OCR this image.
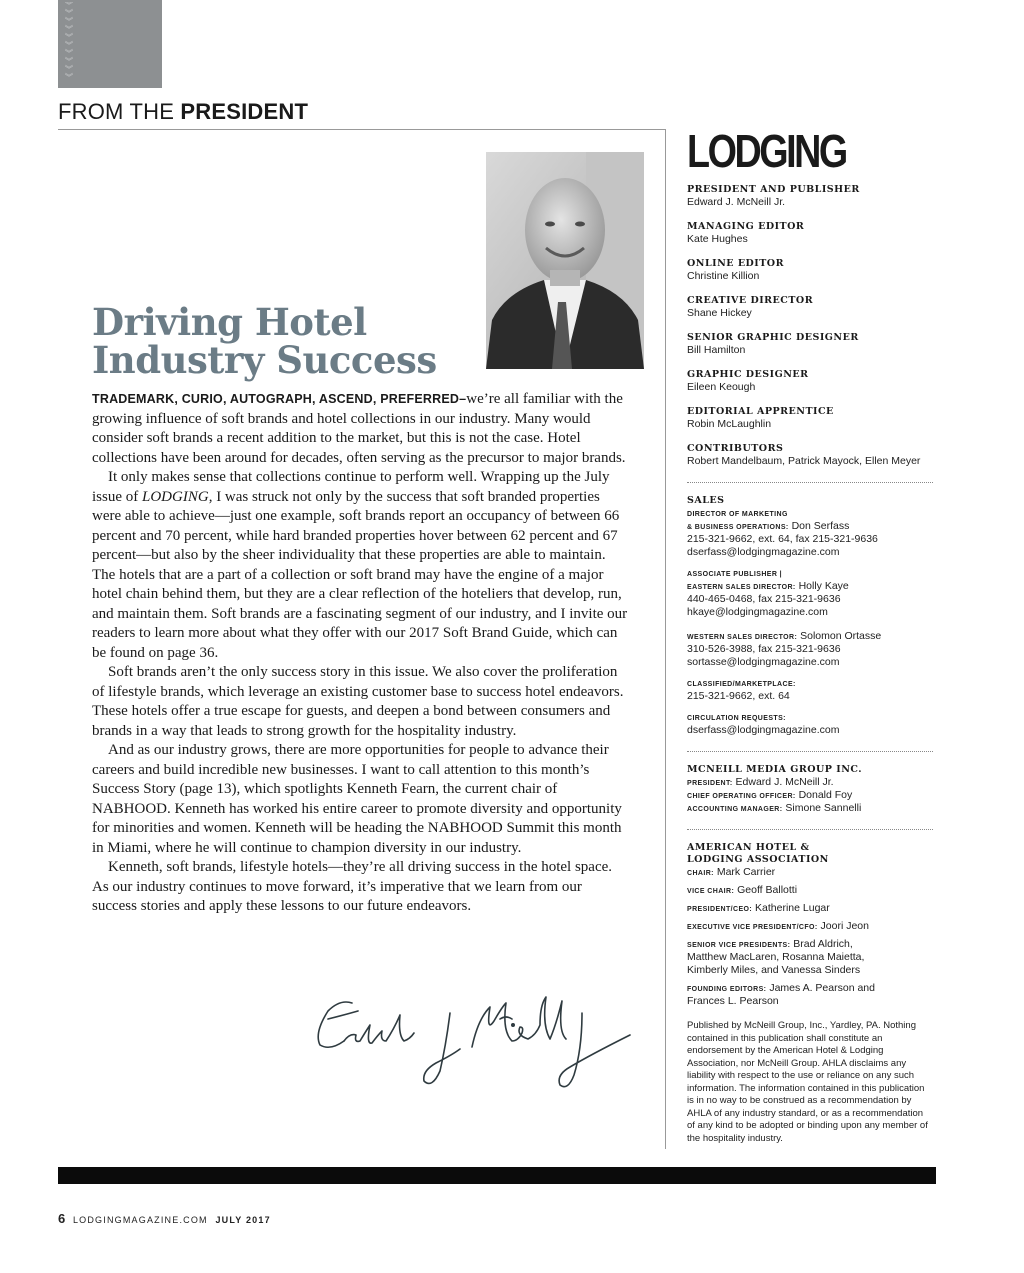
︾
︾
︾
︾
︾
︾
︾
︾
︾
︾
FROM THE PRESIDENT
Driving Hotel
Industry Success

TRADEMARK, CURIO, AUTOGRAPH, ASCEND, PREFERRED–we’re all familiar with the growing influence of soft brands and hotel collections in our industry. Many would consider soft brands a recent addition to the market, but this is not the case. Hotel collections have been around for decades, often serving as the precursor to major brands.

It only makes sense that collections continue to perform well. Wrapping up the July issue of LODGING, I was struck not only by the success that soft branded properties were able to achieve—just one example, soft brands report an occupancy of between 66 percent and 70 percent, while hard branded properties hover between 62 percent and 67 percent—but also by the sheer individuality that these properties are able to maintain. The hotels that are a part of a collection or soft brand may have the engine of a major hotel chain behind them, but they are a clear reflection of the hoteliers that develop, run, and maintain them. Soft brands are a fascinating segment of our industry, and I invite our readers to learn more about what they offer with our 2017 Soft Brand Guide, which can be found on page 36.

Soft brands aren’t the only success story in this issue. We also cover the proliferation of lifestyle brands, which leverage an existing customer base to success hotel endeavors. These hotels offer a true escape for guests, and deepen a bond between consumers and brands in a way that leads to strong growth for the hospitality industry.

And as our industry grows, there are more opportunities for people to advance their careers and build incredible new businesses. I want to call attention to this month’s Success Story (page 13), which spotlights Kenneth Fearn, the current chair of NABHOOD. Kenneth has worked his entire career to promote diversity and opportunity for minorities and women. Kenneth will be heading the NABHOOD Summit this month in Miami, where he will continue to champion diversity in our industry.

Kenneth, soft brands, lifestyle hotels—they’re all driving success in the hotel space. As our industry continues to move forward, it’s imperative that we learn from our success stories and apply these lessons to our future endeavors.

LODGING
PRESIDENT AND PUBLISHER
Edward J. McNeill Jr.
MANAGING EDITOR
Kate Hughes
ONLINE EDITOR
Christine Killion
CREATIVE DIRECTOR
Shane Hickey
SENIOR GRAPHIC DESIGNER
Bill Hamilton
GRAPHIC DESIGNER
Eileen Keough
EDITORIAL APPRENTICE
Robin McLaughlin
CONTRIBUTORS
Robert Mandelbaum, Patrick Mayock, Ellen Meyer
SALES
DIRECTOR OF MARKETING
& BUSINESS OPERATIONS: Don Serfass
215-321-9662, ext. 64, fax 215-321-9636
dserfass@lodgingmagazine.com
ASSOCIATE PUBLISHER |
EASTERN SALES DIRECTOR: Holly Kaye
440-465-0468, fax 215-321-9636
hkaye@lodgingmagazine.com
WESTERN SALES DIRECTOR: Solomon Ortasse
310-526-3988, fax 215-321-9636
sortasse@lodgingmagazine.com
CLASSIFIED/MARKETPLACE:
215-321-9662, ext. 64
CIRCULATION REQUESTS:
dserfass@lodgingmagazine.com
MCNEILL MEDIA GROUP INC.
PRESIDENT: Edward J. McNeill Jr.
CHIEF OPERATING OFFICER: Donald Foy
ACCOUNTING MANAGER: Simone Sannelli
AMERICAN HOTEL &
LODGING ASSOCIATION
CHAIR: Mark Carrier
VICE CHAIR: Geoff Ballotti
PRESIDENT/CEO: Katherine Lugar
EXECUTIVE VICE PRESIDENT/CFO: Joori Jeon
SENIOR VICE PRESIDENTS: Brad Aldrich,
Matthew MacLaren, Rosanna Maietta,
Kimberly Miles, and Vanessa Sinders
FOUNDING EDITORS: James A. Pearson and
Frances L. Pearson
Published by McNeill Group, Inc., Yardley, PA. Nothing contained in this publication shall constitute an endorsement by the American Hotel & Lodging Association, nor McNeill Group. AHLA disclaims any liability with respect to the use or reliance on any such information. The information contained in this publication is in no way to be construed as a recommendation by AHLA of any industry standard, or as a recommendation of any kind to be adopted or binding upon any member of the hospitality industry.
6 LODGINGMAGAZINE.COM JULY 2017
